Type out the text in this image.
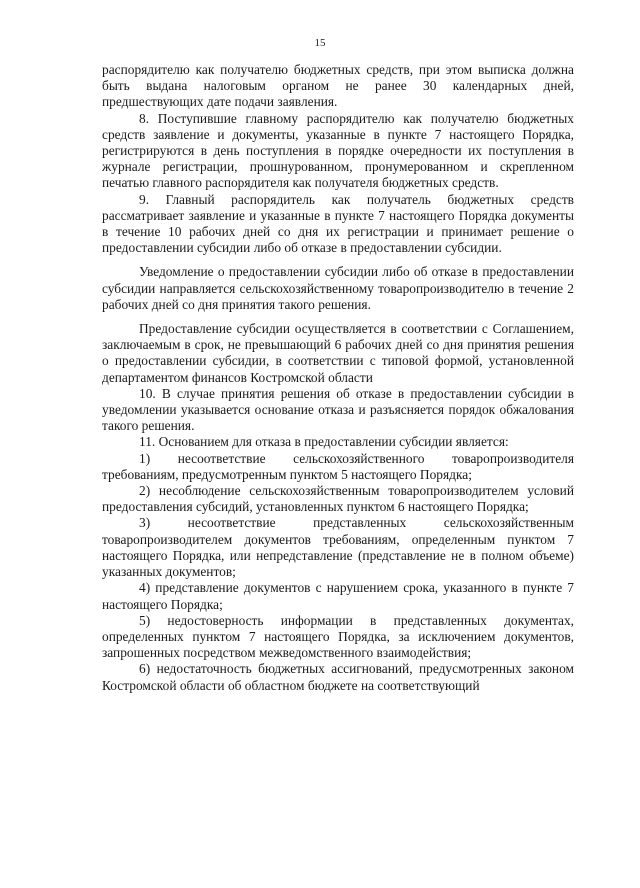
15

распорядителю как получателю бюджетных средств, при этом выписка должна быть выдана налоговым органом не ранее 30 календарных дней, предшествующих дате подачи заявления.

8. Поступившие главному распорядителю как получателю бюджетных средств заявление и документы, указанные в пункте 7 настоящего Порядка, регистрируются в день поступления в порядке очередности их поступления в журнале регистрации, прошнурованном, пронумерованном и скрепленном печатью главного распорядителя как получателя бюджетных средств.

9. Главный распорядитель как получатель бюджетных средств рассматривает заявление и указанные в пункте 7 настоящего Порядка документы в течение 10 рабочих дней со дня их регистрации и принимает решение о предоставлении субсидии либо об отказе в предоставлении субсидии.

Уведомление о предоставлении субсидии либо об отказе в предоставлении субсидии направляется сельскохозяйственному товаропроизводителю в течение 2 рабочих дней со дня принятия такого решения.

Предоставление субсидии осуществляется в соответствии с Соглашением, заключаемым в срок, не превышающий 6 рабочих дней со дня принятия решения о предоставлении субсидии, в соответствии с типовой формой, установленной департаментом финансов Костромской области

10. В случае принятия решения об отказе в предоставлении субсидии в уведомлении указывается основание отказа и разъясняется порядок обжалования такого решения.

11. Основанием для отказа в предоставлении субсидии является:

1) несоответствие сельскохозяйственного товаропроизводителя требованиям, предусмотренным пунктом 5 настоящего Порядка;

2) несоблюдение сельскохозяйственным товаропроизводителем условий предоставления субсидий, установленных пунктом 6 настоящего Порядка;

3) несоответствие представленных сельскохозяйственным товаропроизводителем документов требованиям, определенным пунктом 7 настоящего Порядка, или непредставление (представление не в полном объеме) указанных документов;

4) представление документов с нарушением срока, указанного в пункте 7 настоящего Порядка;

5) недостоверность информации в представленных документах, определенных пунктом 7 настоящего Порядка, за исключением документов, запрошенных посредством межведомственного взаимодействия;

6) недостаточность бюджетных ассигнований, предусмотренных законом Костромской области об областном бюджете на соответствующий
